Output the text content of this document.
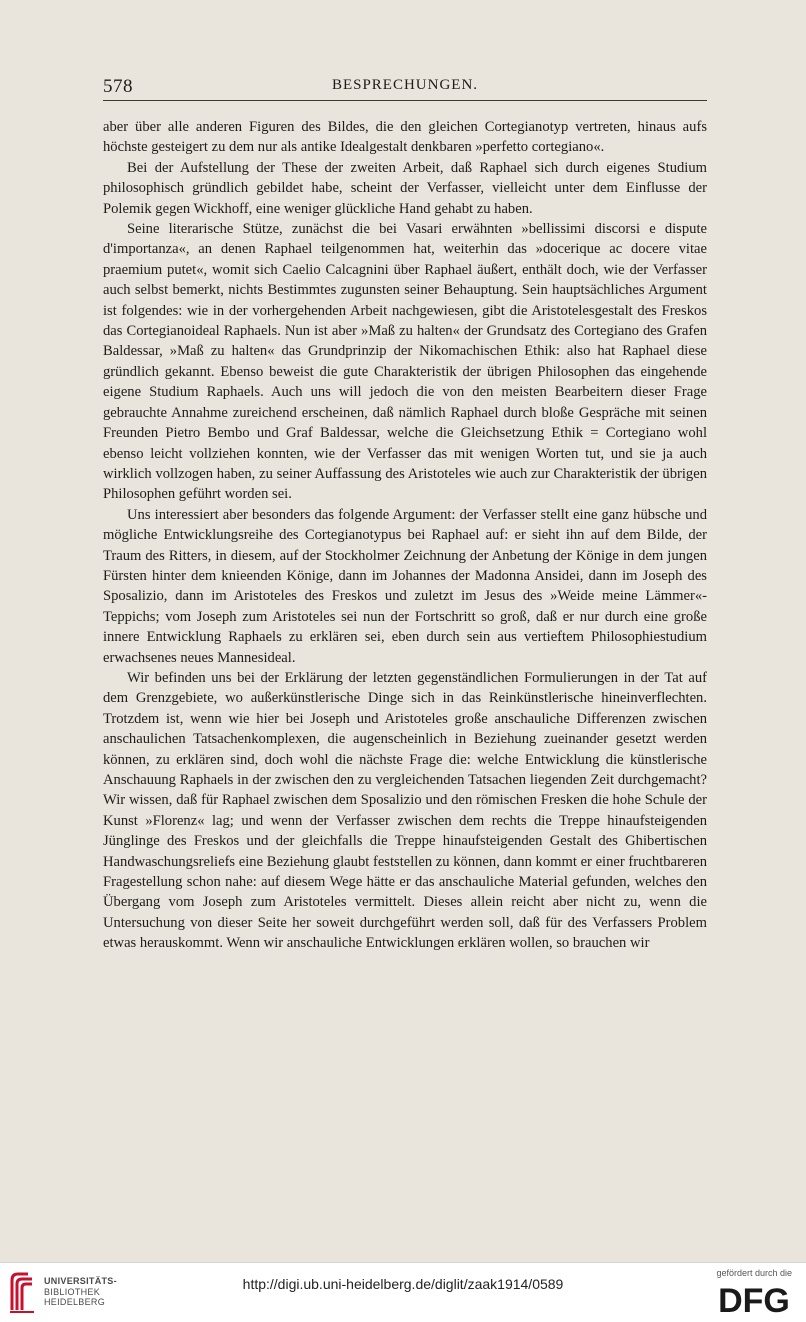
578	BESPRECHUNGEN.

aber über alle anderen Figuren des Bildes, die den gleichen Cortegianotyp vertreten, hinaus aufs höchste gesteigert zu dem nur als antike Idealgestalt denkbaren »perfetto cortegiano«.

Bei der Aufstellung der These der zweiten Arbeit, daß Raphael sich durch eigenes Studium philosophisch gründlich gebildet habe, scheint der Verfasser, vielleicht unter dem Einflusse der Polemik gegen Wickhoff, eine weniger glückliche Hand gehabt zu haben.

Seine literarische Stütze, zunächst die bei Vasari erwähnten »bellissimi discorsi e dispute d'importanza«, an denen Raphael teilgenommen hat, weiterhin das »docerique ac docere vitae praemium putet«, womit sich Caelio Calcagnini über Raphael äußert, enthält doch, wie der Verfasser auch selbst bemerkt, nichts Bestimmtes zugunsten seiner Behauptung. Sein hauptsächliches Argument ist folgendes: wie in der vorhergehenden Arbeit nachgewiesen, gibt die Aristotelesgestalt des Freskos das Cortegianoideal Raphaels. Nun ist aber »Maß zu halten« der Grundsatz des Cortegiano des Grafen Baldessar, »Maß zu halten« das Grundprinzip der Nikomachischen Ethik: also hat Raphael diese gründlich gekannt. Ebenso beweist die gute Charakteristik der übrigen Philosophen das eingehende eigene Studium Raphaels. Auch uns will jedoch die von den meisten Bearbeitern dieser Frage gebrauchte Annahme zureichend erscheinen, daß nämlich Raphael durch bloße Gespräche mit seinen Freunden Pietro Bembo und Graf Baldessar, welche die Gleichsetzung Ethik = Cortegiano wohl ebenso leicht vollziehen konnten, wie der Verfasser das mit wenigen Worten tut, und sie ja auch wirklich vollzogen haben, zu seiner Auffassung des Aristoteles wie auch zur Charakteristik der übrigen Philosophen geführt worden sei.

Uns interessiert aber besonders das folgende Argument: der Verfasser stellt eine ganz hübsche und mögliche Entwicklungsreihe des Cortegianotypus bei Raphael auf: er sieht ihn auf dem Bilde, der Traum des Ritters, in diesem, auf der Stockholmer Zeichnung der Anbetung der Könige in dem jungen Fürsten hinter dem knieenden Könige, dann im Johannes der Madonna Ansidei, dann im Joseph des Sposalizio, dann im Aristoteles des Freskos und zuletzt im Jesus des »Weide meine Lämmer«-Teppichs; vom Joseph zum Aristoteles sei nun der Fortschritt so groß, daß er nur durch eine große innere Entwicklung Raphaels zu erklären sei, eben durch sein aus vertieftem Philosophiestudium erwachsenes neues Mannesideal.

Wir befinden uns bei der Erklärung der letzten gegenständlichen Formulierungen in der Tat auf dem Grenzgebiete, wo außerkünstlerische Dinge sich in das Reinkünstlerische hineinverflechten. Trotzdem ist, wenn wie hier bei Joseph und Aristoteles große anschauliche Differenzen zwischen anschaulichen Tatsachenkomplexen, die augenscheinlich in Beziehung zueinander gesetzt werden können, zu erklären sind, doch wohl die nächste Frage die: welche Entwicklung die künstlerische Anschauung Raphaels in der zwischen den zu vergleichenden Tatsachen liegenden Zeit durchgemacht? Wir wissen, daß für Raphael zwischen dem Sposalizio und den römischen Fresken die hohe Schule der Kunst »Florenz« lag; und wenn der Verfasser zwischen dem rechts die Treppe hinaufsteigenden Jünglinge des Freskos und der gleichfalls die Treppe hinaufsteigenden Gestalt des Ghibertischen Handwaschungsreliefs eine Beziehung glaubt feststellen zu können, dann kommt er einer fruchtbareren Fragestellung schon nahe: auf diesem Wege hätte er das anschauliche Material gefunden, welches den Übergang vom Joseph zum Aristoteles vermittelt. Dieses allein reicht aber nicht zu, wenn die Untersuchung von dieser Seite her soweit durchgeführt werden soll, daß für des Verfassers Problem etwas herauskommt. Wenn wir anschauliche Entwicklungen erklären wollen, so brauchen wir

UNIVERSITÄTS-
BIBLIOTHEK
HEIDELBERG
http://digi.ub.uni-heidelberg.de/diglit/zaak1914/0589
gefördert durch die
DFG
